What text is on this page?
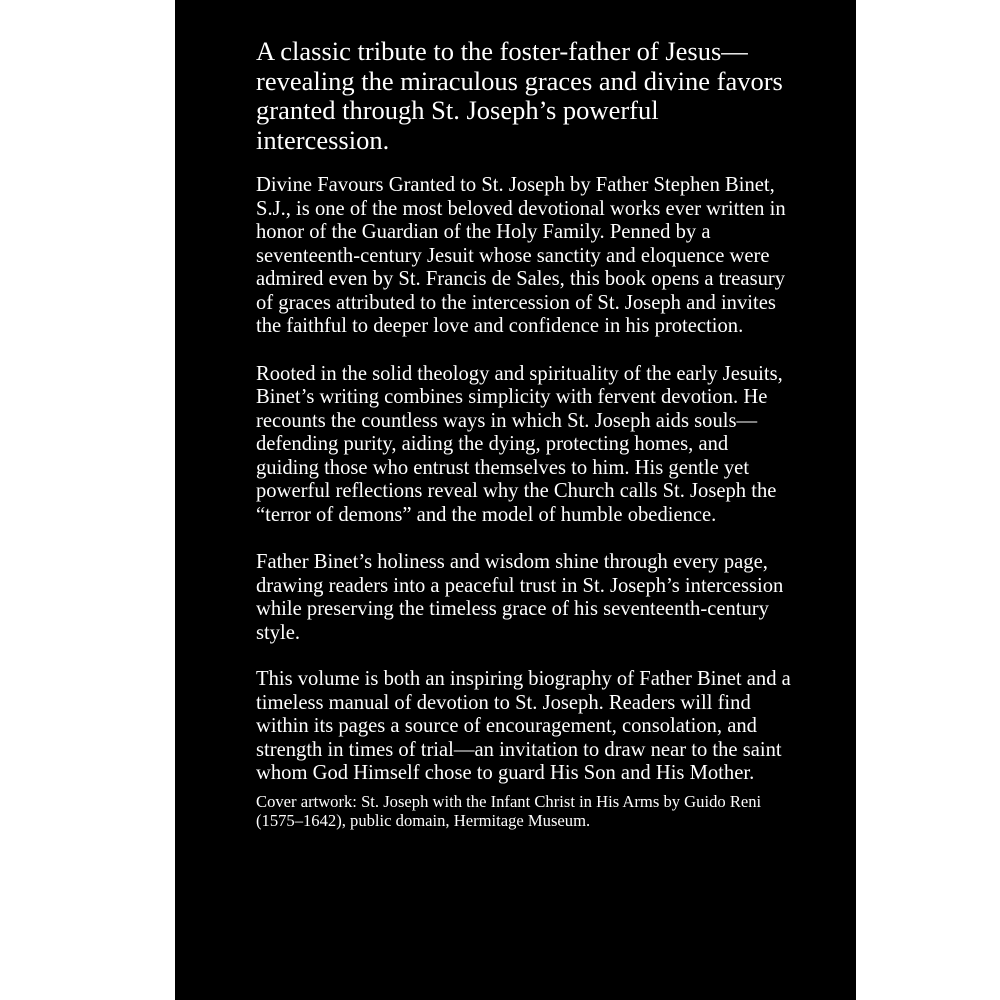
A classic tribute to the foster-father of Jesus—revealing the miraculous graces and divine favors granted through St. Joseph’s powerful intercession.

Divine Favours Granted to St. Joseph by Father Stephen Binet, S.J., is one of the most beloved devotional works ever written in honor of the Guardian of the Holy Family. Penned by a seventeenth-century Jesuit whose sanctity and eloquence were admired even by St. Francis de Sales, this book opens a treasury of graces attributed to the intercession of St. Joseph and invites the faithful to deeper love and confidence in his protection.

Rooted in the solid theology and spirituality of the early Jesuits, Binet’s writing combines simplicity with fervent devotion. He recounts the countless ways in which St. Joseph aids souls—defending purity, aiding the dying, protecting homes, and guiding those who entrust themselves to him. His gentle yet powerful reflections reveal why the Church calls St. Joseph the “terror of demons” and the model of humble obedience.

Father Binet’s holiness and wisdom shine through every page, drawing readers into a peaceful trust in St. Joseph’s intercession while preserving the timeless grace of his seventeenth-century style.

This volume is both an inspiring biography of Father Binet and a timeless manual of devotion to St. Joseph. Readers will find within its pages a source of encouragement, consolation, and strength in times of trial—an invitation to draw near to the saint whom God Himself chose to guard His Son and His Mother.

Cover artwork: St. Joseph with the Infant Christ in His Arms by Guido Reni (1575–1642), public domain, Hermitage Museum.
